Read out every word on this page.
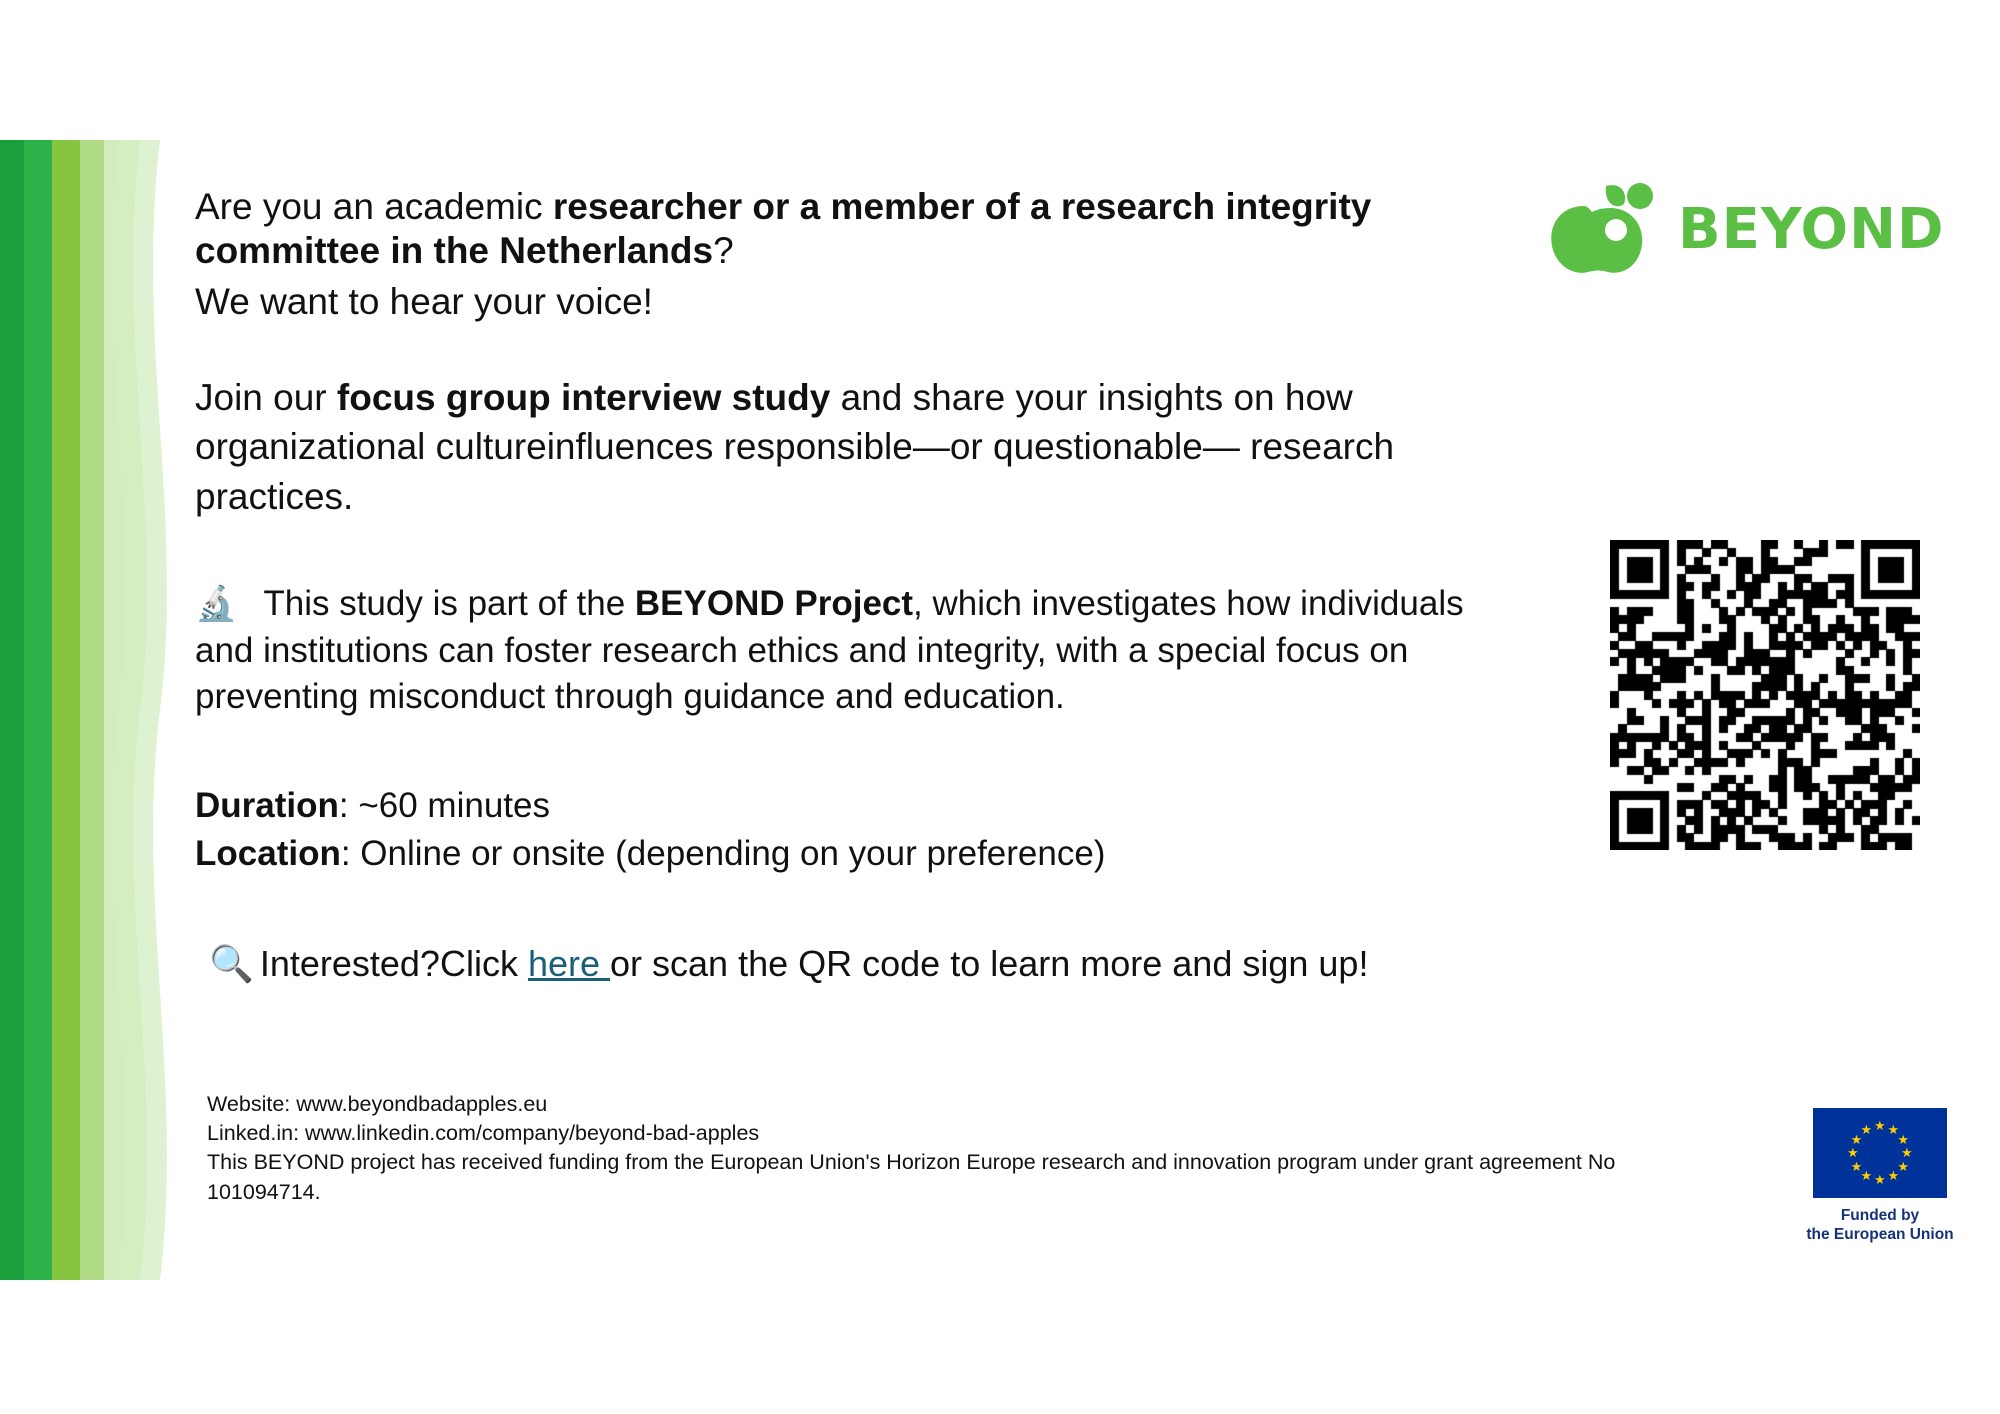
Are you an academic researcher or a member of a research integrity committee in the Netherlands?

We want to hear your voice!

Join our focus group interview study and share your insights on how organizational cultureinfluences responsible—or questionable— research practices.

🔬 This study is part of the BEYOND Project, which investigates how individuals and institutions can foster research ethics and integrity, with a special focus on preventing misconduct through guidance and education.

Duration: ~60 minutes
Location: Online or onsite (depending on your preference)

🔍 Interested?Click here or scan the QR code to learn more and sign up!

Website: www.beyondbadapples.eu
Linked.in: www.linkedin.com/company/beyond-bad-apples
This BEYOND project has received funding from the European Union's Horizon Europe research and innovation program under grant agreement No 101094714.
BEYOND
★ ★
★
★
★
★
★
★
★
★
★
★
Funded by
the European Union
